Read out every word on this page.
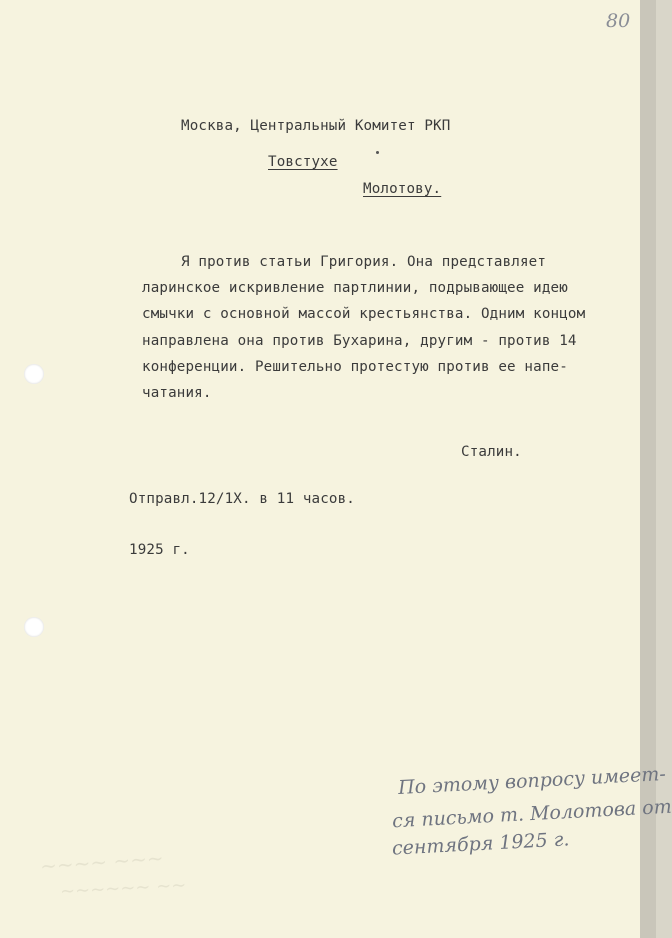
80
Москва, Центральный Комитет РКП
Товстухе
Молотову.
Я против статьи Григория. Она представляет
ларинское искривление партлинии, подрывающее идею
смычки с основной массой крестьянства. Одним концом
направлена она против Бухарина, другим - против 14
конференции. Решительно протестую против ее напе-
чатания.
Сталин.
Отправл.12/1Х. в 11 часов.
1925 г.
~~~~ ~~~
~~~~~~ ~~
По этому вопросу имеет-
ся письмо т. Молотова от
сентября 1925 г.
